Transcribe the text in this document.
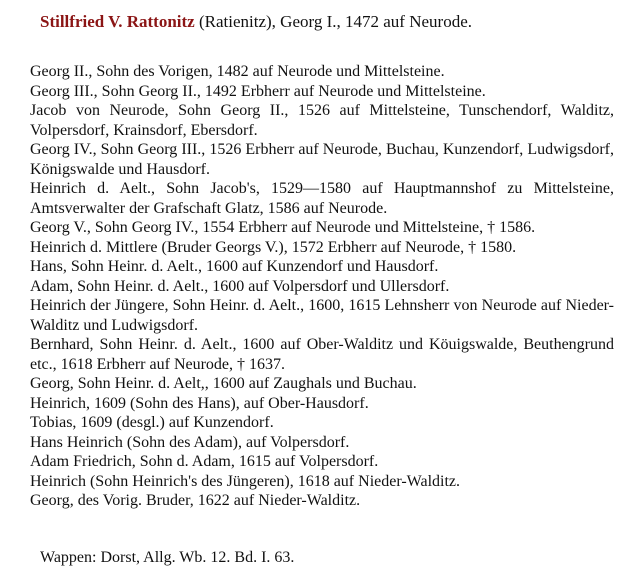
Stillfried V. Rattonitz (Ratienitz), Georg I., 1472 auf Neurode.

Georg II., Sohn des Vorigen, 1482 auf Neurode und Mittelsteine.

Georg III., Sohn Georg II., 1492 Erbherr auf Neurode und Mittelsteine.

Jacob von Neurode, Sohn Georg II., 1526 auf Mittelsteine, Tunschendorf, Walditz, Volpersdorf, Krainsdorf, Ebersdorf.

Georg IV., Sohn Georg III., 1526 Erbherr auf Neurode, Buchau, Kunzendorf, Ludwigsdorf, Königswalde und Hausdorf.

Heinrich d. Aelt., Sohn Jacob's, 1529—1580 auf Hauptmannshof zu Mittelsteine, Amtsverwalter der Grafschaft Glatz, 1586 auf Neurode.

Georg V., Sohn Georg IV., 1554 Erbherr auf Neurode und Mittelsteine, † 1586.

Heinrich d. Mittlere (Bruder Georgs V.), 1572 Erbherr auf Neurode, † 1580.

Hans, Sohn Heinr. d. Aelt., 1600 auf Kunzendorf und Hausdorf.

Adam, Sohn Heinr. d. Aelt., 1600 auf Volpersdorf und Ullersdorf.

Heinrich der Jüngere, Sohn Heinr. d. Aelt., 1600, 1615 Lehnsherr von Neurode auf Nieder-Walditz und Ludwigsdorf.

Bernhard, Sohn Heinr. d. Aelt., 1600 auf Ober-Walditz und Köuigswalde, Beuthengrund etc., 1618 Erbherr auf Neurode, † 1637.

Georg, Sohn Heinr. d. Aelt,, 1600 auf Zaughals und Buchau.

Heinrich, 1609 (Sohn des Hans), auf Ober-Hausdorf.

Tobias, 1609 (desgl.) auf Kunzendorf.

Hans Heinrich (Sohn des Adam), auf Volpersdorf.

Adam Friedrich, Sohn d. Adam, 1615 auf Volpersdorf.

Heinrich (Sohn Heinrich's des Jüngeren), 1618 auf Nieder-Walditz.

Georg, des Vorig. Bruder, 1622 auf Nieder-Walditz.

Wappen: Dorst, Allg. Wb. 12. Bd. I. 63.
